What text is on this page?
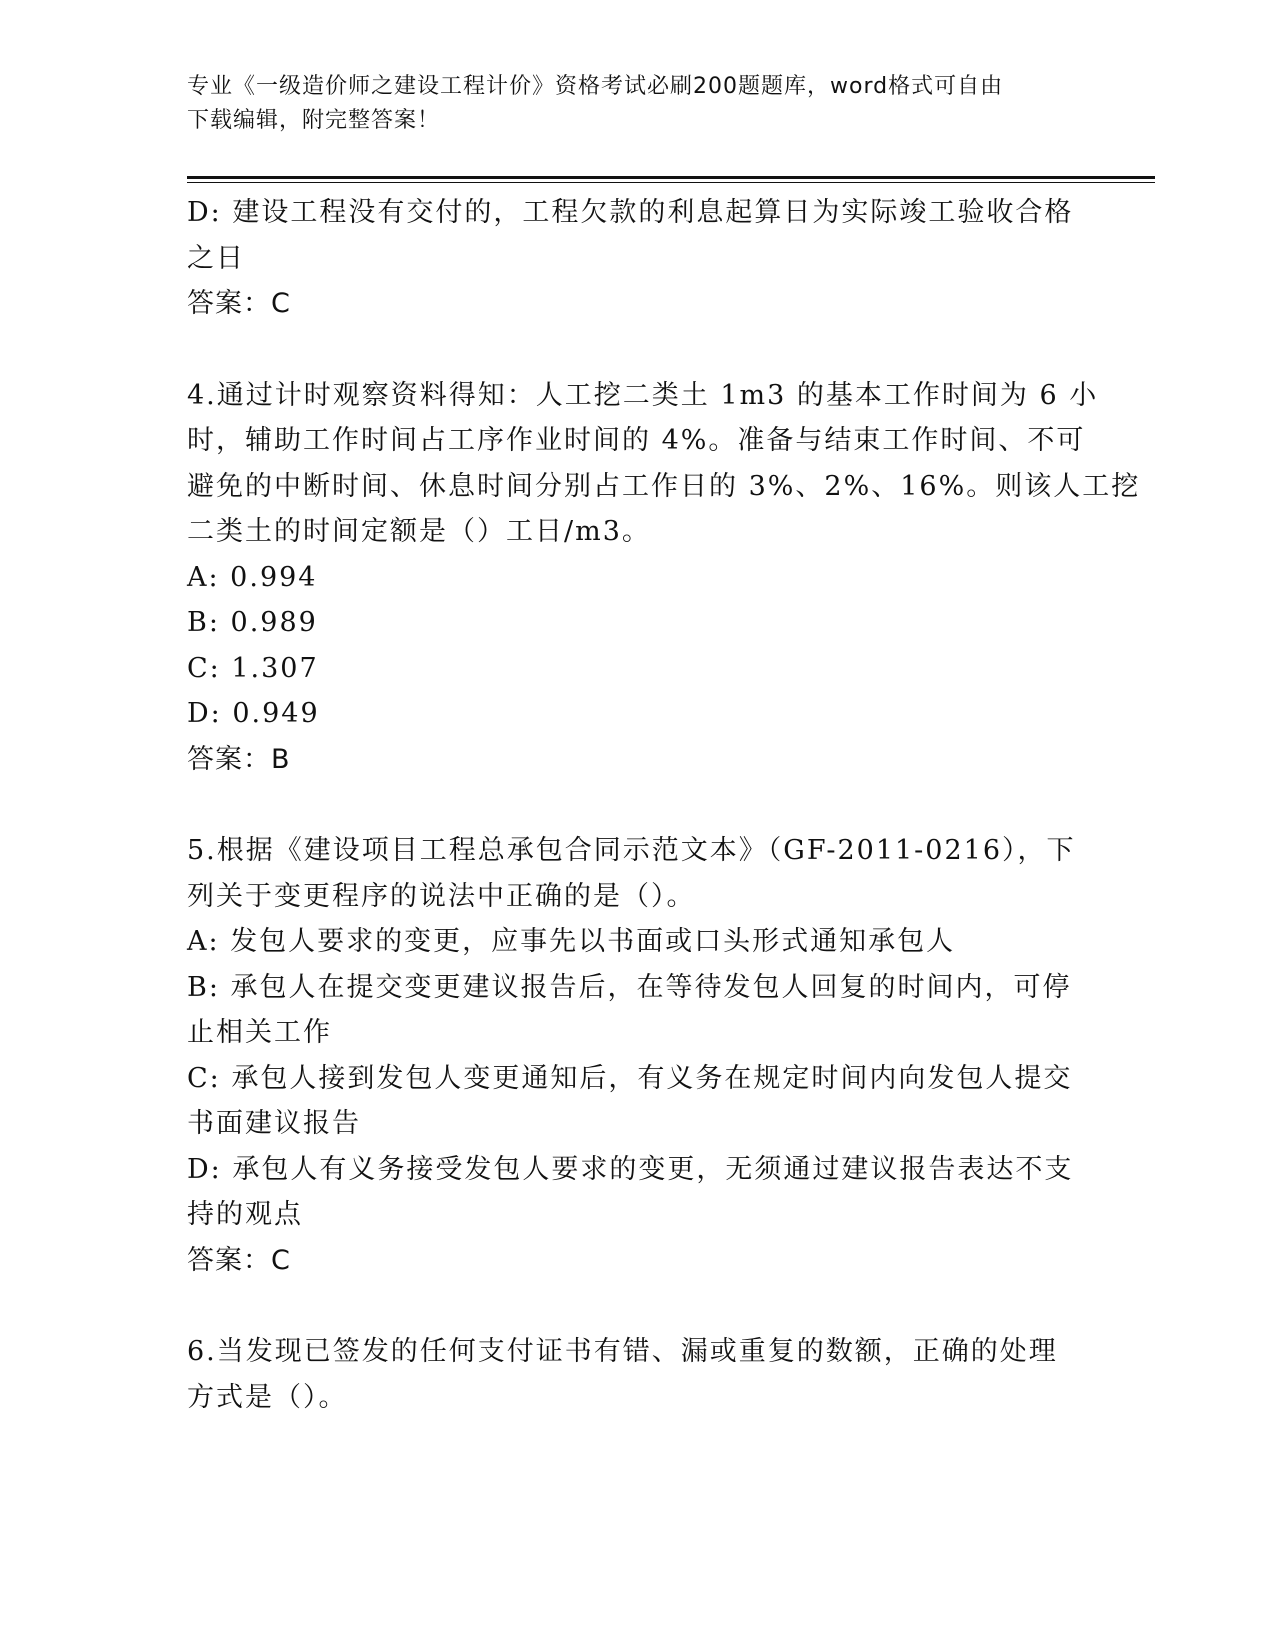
专业《一级造价师之建设工程计价》资格考试必刷200题题库，word格式可自由
下载编辑，附完整答案！
D: 建设工程没有交付的，工程欠款的利息起算日为实际竣工验收合格
之日
答案：C
4.通过计时观察资料得知：人工挖二类土 1m3 的基本工作时间为 6 小
时，辅助工作时间占工序作业时间的 4%。准备与结束工作时间、不可
避免的中断时间、休息时间分别占工作日的 3%、2%、16%。则该人工挖
二类土的时间定额是（）工日/m3。
A: 0.994
B: 0.989
C: 1.307
D: 0.949
答案：B
5.根据《建设项目工程总承包合同示范文本》（GF-2011-0216），下
列关于变更程序的说法中正确的是（）。
A: 发包人要求的变更，应事先以书面或口头形式通知承包人
B: 承包人在提交变更建议报告后，在等待发包人回复的时间内，可停
止相关工作
C: 承包人接到发包人变更通知后，有义务在规定时间内向发包人提交
书面建议报告
D: 承包人有义务接受发包人要求的变更，无须通过建议报告表达不支
持的观点
答案：C
6.当发现已签发的任何支付证书有错、漏或重复的数额，正确的处理
方式是（）。
